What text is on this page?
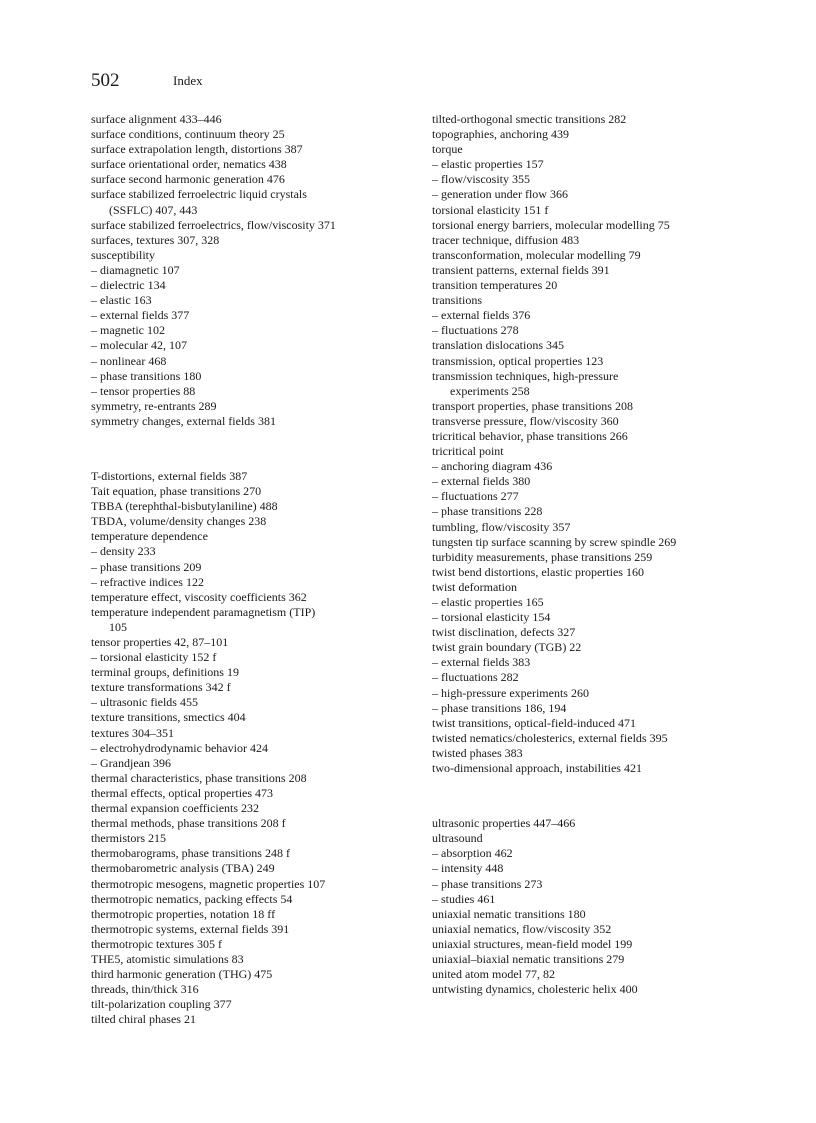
502	Index
surface alignment 433–446
surface conditions, continuum theory 25
surface extrapolation length, distortions 387
surface orientational order, nematics 438
surface second harmonic generation 476
surface stabilized ferroelectric liquid crystals
(SSFLC) 407, 443
surface stabilized ferroelectrics, flow/viscosity 371
surfaces, textures 307, 328
susceptibility
– diamagnetic 107
– dielectric 134
– elastic 163
– external fields 377
– magnetic 102
– molecular 42, 107
– nonlinear 468
– phase transitions 180
– tensor properties 88
symmetry, re-entrants 289
symmetry changes, external fields 381
T-distortions, external fields 387
Tait equation, phase transitions 270
TBBA (terephthal-bisbutylaniline) 488
TBDA, volume/density changes 238
temperature dependence
– density 233
– phase transitions 209
– refractive indices 122
temperature effect, viscosity coefficients 362
temperature independent paramagnetism (TIP)
105
tensor properties 42, 87–101
– torsional elasticity 152 f
terminal groups, definitions 19
texture transformations 342 f
– ultrasonic fields 455
texture transitions, smectics 404
textures 304–351
– electrohydrodynamic behavior 424
– Grandjean 396
thermal characteristics, phase transitions 208
thermal effects, optical properties 473
thermal expansion coefficients 232
thermal methods, phase transitions 208 f
thermistors 215
thermobarograms, phase transitions 248 f
thermobarometric analysis (TBA) 249
thermotropic mesogens, magnetic properties 107
thermotropic nematics, packing effects 54
thermotropic properties, notation 18 ff
thermotropic systems, external fields 391
thermotropic textures 305 f
THE5, atomistic simulations 83
third harmonic generation (THG) 475
threads, thin/thick 316
tilt-polarization coupling 377
tilted chiral phases 21
tilted-orthogonal smectic transitions 282
topographies, anchoring 439
torque
– elastic properties 157
– flow/viscosity 355
– generation under flow 366
torsional elasticity 151 f
torsional energy barriers, molecular modelling 75
tracer technique, diffusion 483
transconformation, molecular modelling 79
transient patterns, external fields 391
transition temperatures 20
transitions
– external fields 376
– fluctuations 278
translation dislocations 345
transmission, optical properties 123
transmission techniques, high-pressure
experiments 258
transport properties, phase transitions 208
transverse pressure, flow/viscosity 360
tricritical behavior, phase transitions 266
tricritical point
– anchoring diagram 436
– external fields 380
– fluctuations 277
– phase transitions 228
tumbling, flow/viscosity 357
tungsten tip surface scanning by screw spindle 269
turbidity measurements, phase transitions 259
twist bend distortions, elastic properties 160
twist deformation
– elastic properties 165
– torsional elasticity 154
twist disclination, defects 327
twist grain boundary (TGB) 22
– external fields 383
– fluctuations 282
– high-pressure experiments 260
– phase transitions 186, 194
twist transitions, optical-field-induced 471
twisted nematics/cholesterics, external fields 395
twisted phases 383
two-dimensional approach, instabilities 421
ultrasonic properties 447–466
ultrasound
– absorption 462
– intensity 448
– phase transitions 273
– studies 461
uniaxial nematic transitions 180
uniaxial nematics, flow/viscosity 352
uniaxial structures, mean-field model 199
uniaxial–biaxial nematic transitions 279
united atom model 77, 82
untwisting dynamics, cholesteric helix 400
